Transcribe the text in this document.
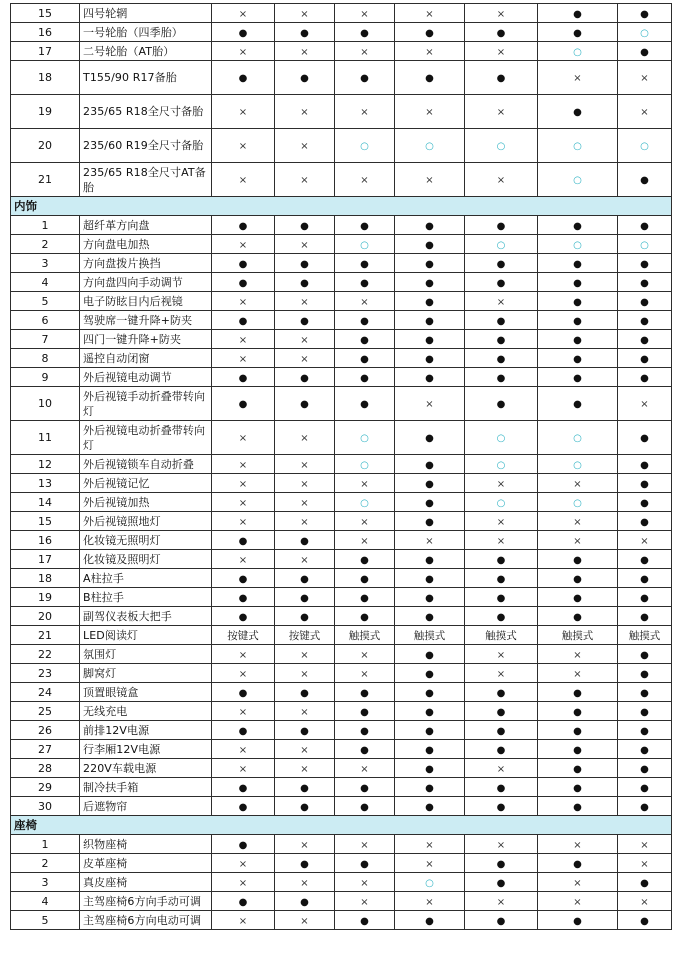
15	四号轮辋	×	×	×	×	×	●	●
16	一号轮胎（四季胎）	●	●	●	●	●	●	○
17	二号轮胎（AT胎）	×	×	×	×	×	○	●
18	T155/90 R17备胎	●	●	●	●	●	×	×
19	235/65 R18全尺寸备胎	×	×	×	×	×	●	×
20	235/60 R19全尺寸备胎	×	×	○	○	○	○	○
21	235/65 R18全尺寸AT备胎	×	×	×	×	×	○	●
内饰								
1	超纤革方向盘	●	●	●	●	●	●	●
2	方向盘电加热	×	×	○	●	○	○	○
3	方向盘拨片换挡	●	●	●	●	●	●	●
4	方向盘四向手动调节	●	●	●	●	●	●	●
5	电子防眩目内后视镜	×	×	×	●	×	●	●
6	驾驶席一键升降+防夹	●	●	●	●	●	●	●
7	四门一键升降+防夹	×	×	●	●	●	●	●
8	遥控自动闭窗	×	×	●	●	●	●	●
9	外后视镜电动调节	●	●	●	●	●	●	●
10	外后视镜手动折叠带转向灯	●	●	●	×	●	●	×
11	外后视镜电动折叠带转向灯	×	×	○	●	○	○	●
12	外后视镜锁车自动折叠	×	×	○	●	○	○	●
13	外后视镜记忆	×	×	×	●	×	×	●
14	外后视镜加热	×	×	○	●	○	○	●
15	外后视镜照地灯	×	×	×	●	×	×	●
16	化妆镜无照明灯	●	●	×	×	×	×	×
17	化妆镜及照明灯	×	×	●	●	●	●	●
18	A柱拉手	●	●	●	●	●	●	●
19	B柱拉手	●	●	●	●	●	●	●
20	副驾仪表板大把手	●	●	●	●	●	●	●
21	LED阅读灯	按键式	按键式	触摸式	触摸式	触摸式	触摸式	触摸式
22	氛围灯	×	×	×	●	×	×	●
23	脚窝灯	×	×	×	●	×	×	●
24	顶置眼镜盒	●	●	●	●	●	●	●
25	无线充电	×	×	●	●	●	●	●
26	前排12V电源	●	●	●	●	●	●	●
27	行李厢12V电源	×	×	●	●	●	●	●
28	220V车载电源	×	×	×	●	×	●	●
29	制冷扶手箱	●	●	●	●	●	●	●
30	后遮物帘	●	●	●	●	●	●	●
座椅								
1	织物座椅	●	×	×	×	×	×	×
2	皮革座椅	×	●	●	×	●	●	×
3	真皮座椅	×	×	×	○	●	×	●
4	主驾座椅6方向手动可调	●	●	×	×	×	×	×
5	主驾座椅6方向电动可调	×	×	●	●	●	●	●
